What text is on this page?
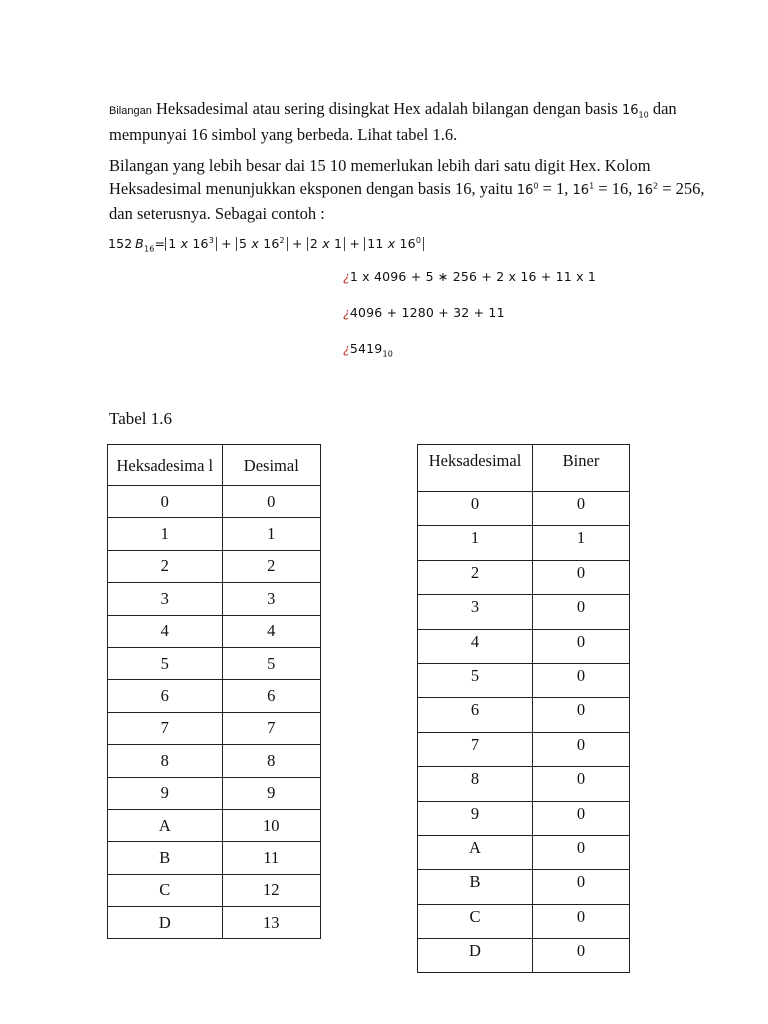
Bilangan Heksadesimal atau sering disingkat Hex adalah bilangan dengan basis $16_{10}$ dan mempunyai 16 simbol yang berbeda. Lihat tabel 1.6.
Bilangan yang lebih besar dai 15 10 memerlukan lebih dari satu digit Hex. Kolom Heksadesimal menunjukkan eksponen dengan basis 16, yaitu $16^0 = 1$, $16^1 = 16$, $16^2 = 256$, dan seterusnya. Sebagai contoh :
152  $B_{16}= 1$ x $16^3 + 5$ x $16^2 + 2$ x 1 + 11 x $16^0$
¿1 x 4096 + 5 ∗ 256 + 2 x 16 + 11 x 1
¿4096 + 1280 + 32 + 11
¿$5419_{10}$
Tabel 1.6
Heksadesima l	Desimal
0	0
1	1
2	2
3	3
4	4
5	5
6	6
7	7
8	8
9	9
A	10
B	11
C	12
D	13
Heksadesimal	Biner
0	0
1	1
2	0
3	0
4	0
5	0
6	0
7	0
8	0
9	0
A	0
B	0
C	0
D	0
